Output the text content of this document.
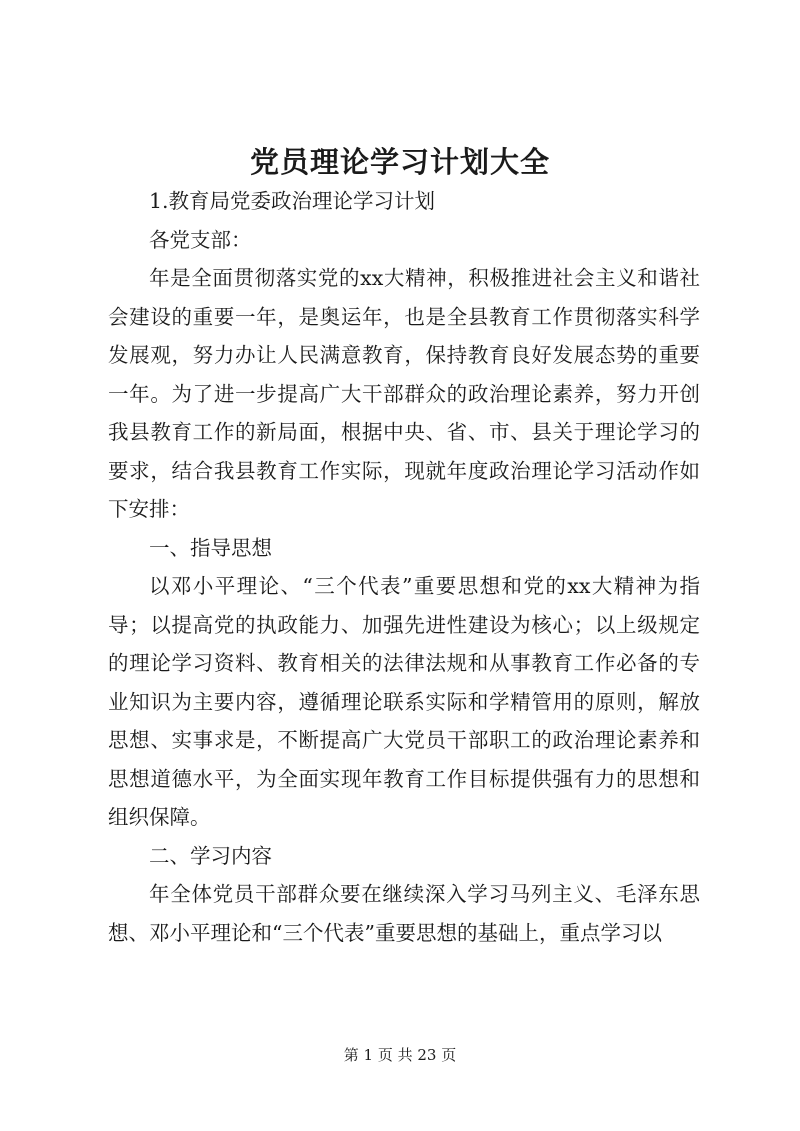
党员理论学习计划大全

1.教育局党委政治理论学习计划

各党支部：

年是全面贯彻落实党的xx大精神，积极推进社会主义和谐社会建设的重要一年，是奥运年，也是全县教育工作贯彻落实科学发展观，努力办让人民满意教育，保持教育良好发展态势的重要一年。为了进一步提高广大干部群众的政治理论素养，努力开创我县教育工作的新局面，根据中央、省、市、县关于理论学习的要求，结合我县教育工作实际，现就年度政治理论学习活动作如下安排：

一、指导思想

以邓小平理论、“三个代表”重要思想和党的xx大精神为指导；以提高党的执政能力、加强先进性建设为核心；以上级规定的理论学习资料、教育相关的法律法规和从事教育工作必备的专业知识为主要内容，遵循理论联系实际和学精管用的原则，解放思想、实事求是，不断提高广大党员干部职工的政治理论素养和思想道德水平，为全面实现年教育工作目标提供强有力的思想和组织保障。

二、学习内容

年全体党员干部群众要在继续深入学习马列主义、毛泽东思想、邓小平理论和“三个代表”重要思想的基础上，重点学习以

第 1 页 共 23 页
